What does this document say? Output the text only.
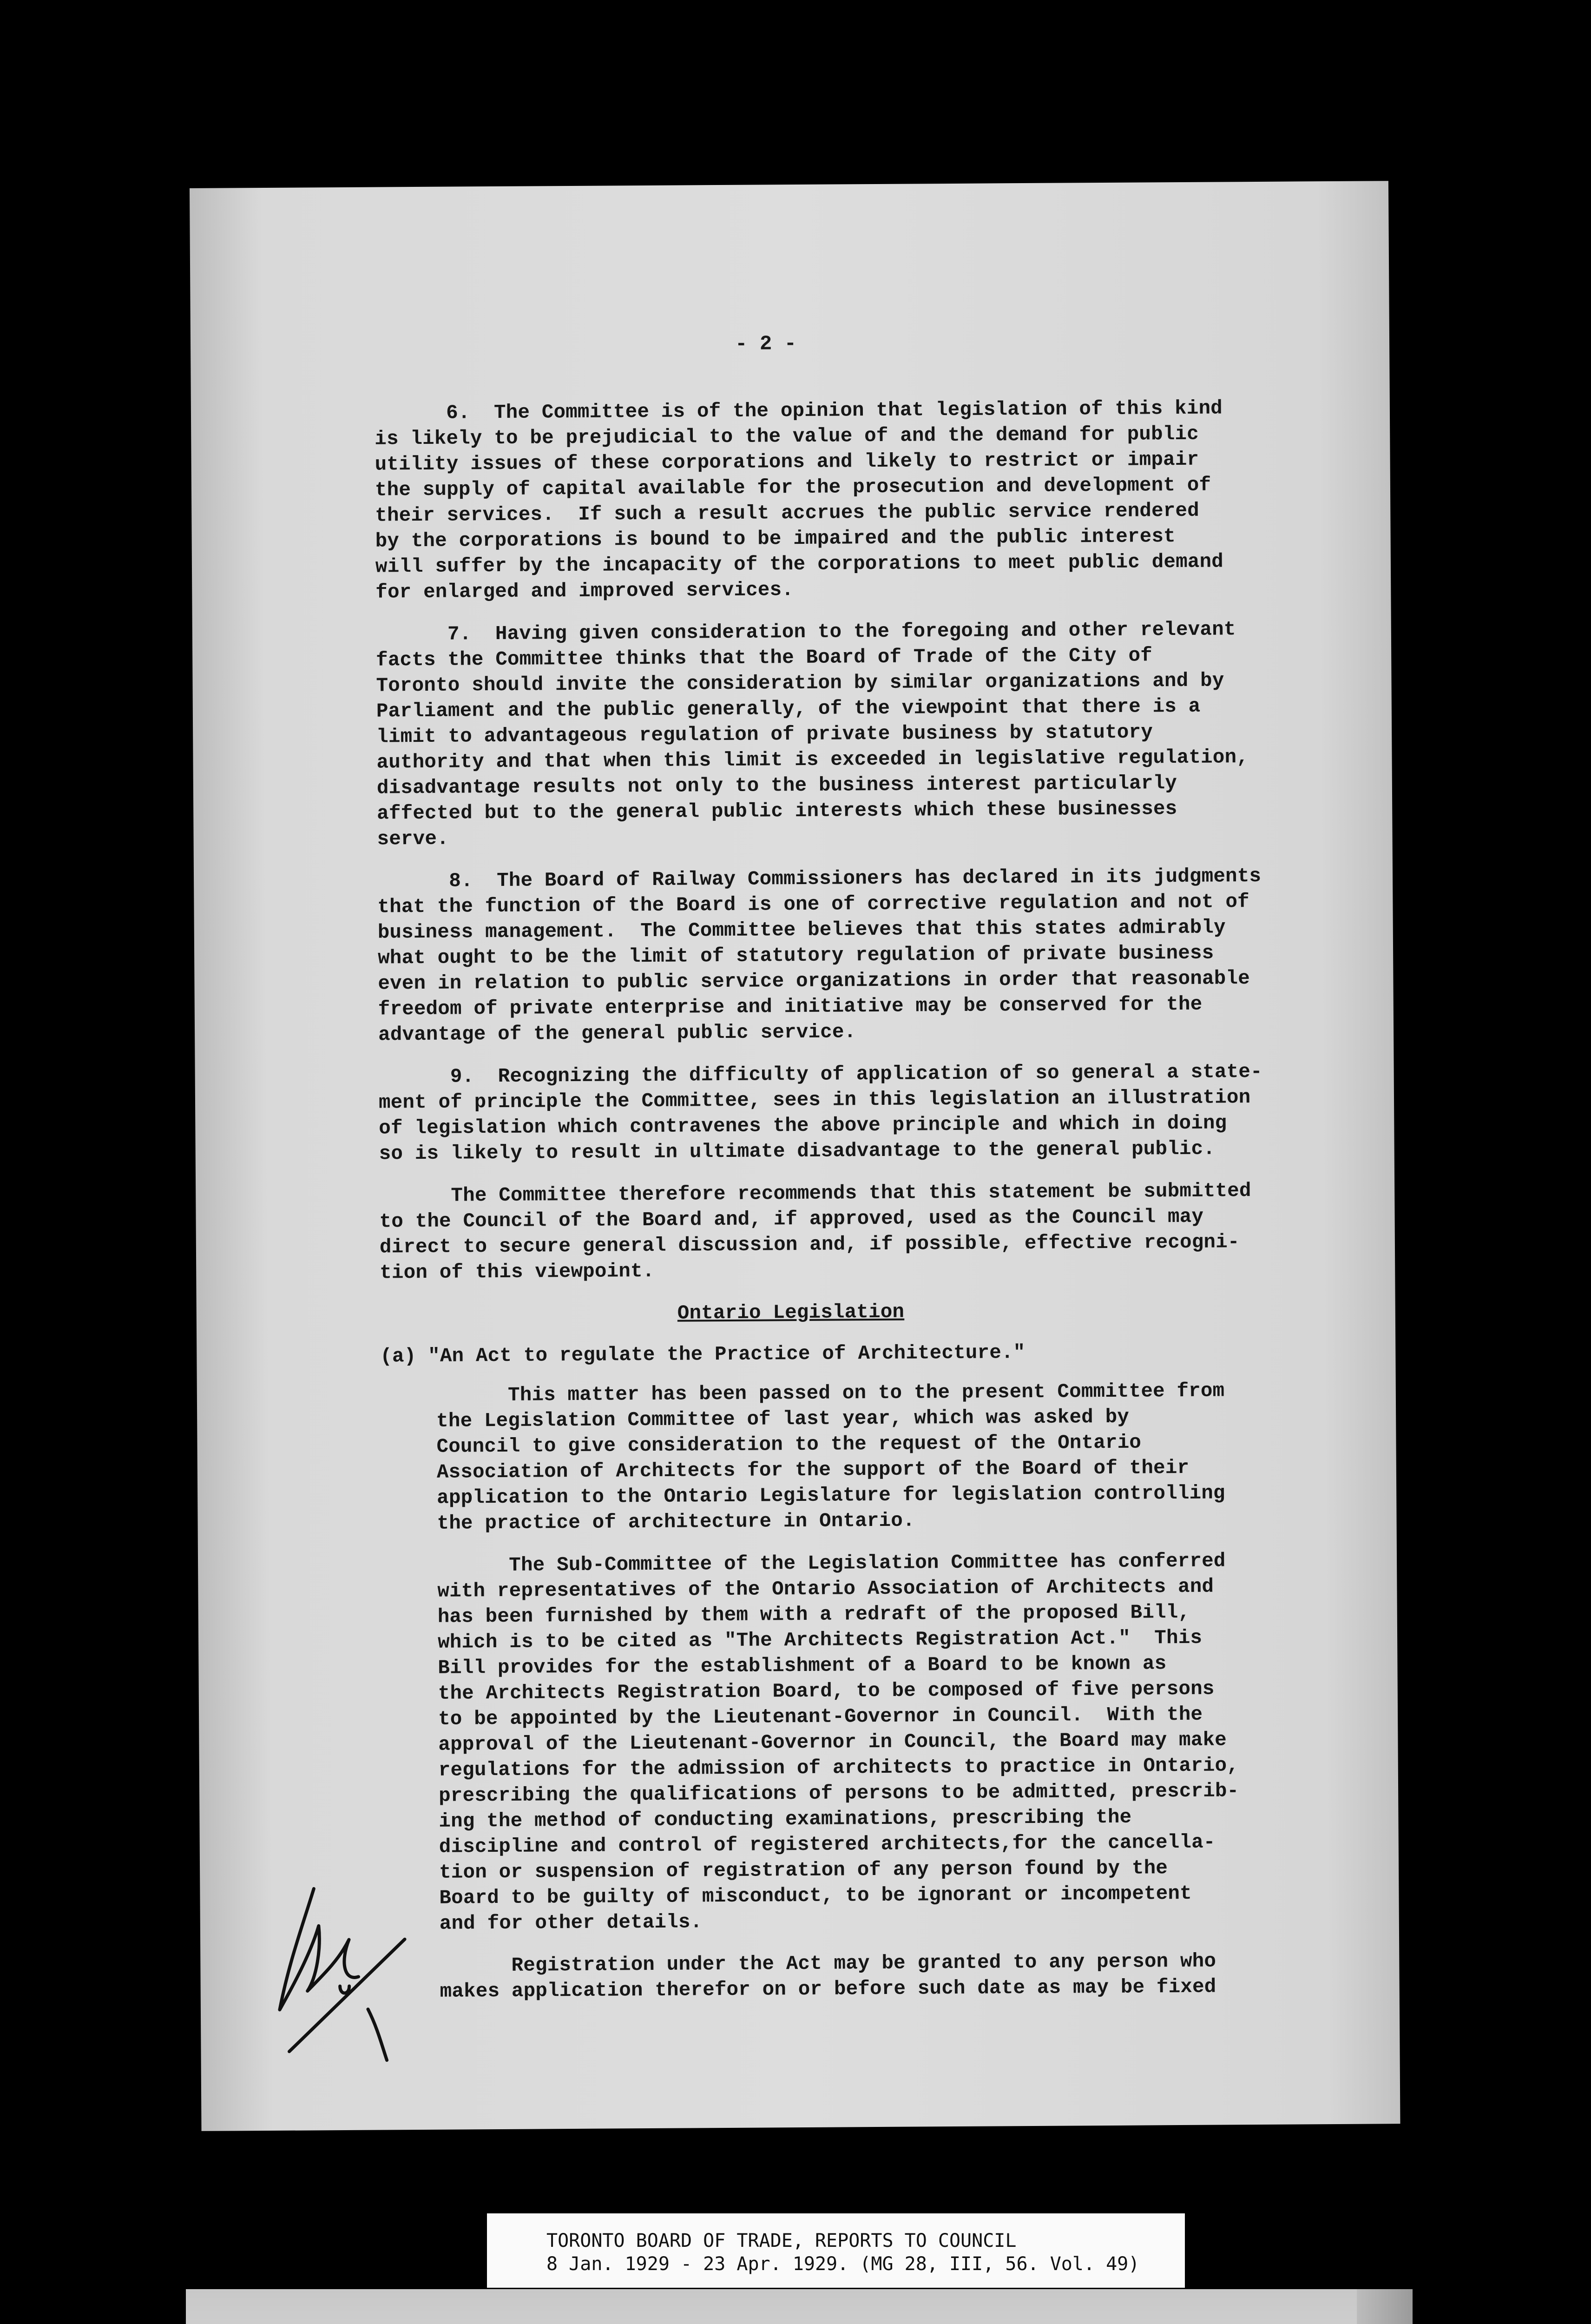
- 2 -
6.  The Committee is of the opinion that legislation of this kind
is likely to be prejudicial to the value of and the demand for public
utility issues of these corporations and likely to restrict or impair
the supply of capital available for the prosecution and development of
their services.  If such a result accrues the public service rendered
by the corporations is bound to be impaired and the public interest
will suffer by the incapacity of the corporations to meet public demand
for enlarged and improved services.
7.  Having given consideration to the foregoing and other relevant
facts the Committee thinks that the Board of Trade of the City of
Toronto should invite the consideration by similar organizations and by
Parliament and the public generally, of the viewpoint that there is a
limit to advantageous regulation of private business by statutory
authority and that when this limit is exceeded in legislative regulation,
disadvantage results not only to the business interest particularly
affected but to the general public interests which these businesses
serve.
8.  The Board of Railway Commissioners has declared in its judgments
that the function of the Board is one of corrective regulation and not of
business management.  The Committee believes that this states admirably
what ought to be the limit of statutory regulation of private business
even in relation to public service organizations in order that reasonable
freedom of private enterprise and initiative may be conserved for the
advantage of the general public service.
9.  Recognizing the difficulty of application of so general a state-
ment of principle the Committee, sees in this legislation an illustration
of legislation which contravenes the above principle and which in doing
so is likely to result in ultimate disadvantage to the general public.
The Committee therefore recommends that this statement be submitted
to the Council of the Board and, if approved, used as the Council may
direct to secure general discussion and, if possible, effective recogni-
tion of this viewpoint.
Ontario Legislation
(a) "An Act to regulate the Practice of Architecture."
This matter has been passed on to the present Committee from
the Legislation Committee of last year, which was asked by
Council to give consideration to the request of the Ontario
Association of Architects for the support of the Board of their
application to the Ontario Legislature for legislation controlling
the practice of architecture in Ontario.
The Sub-Committee of the Legislation Committee has conferred
with representatives of the Ontario Association of Architects and
has been furnished by them with a redraft of the proposed Bill,
which is to be cited as "The Architects Registration Act."  This
Bill provides for the establishment of a Board to be known as
the Architects Registration Board, to be composed of five persons
to be appointed by the Lieutenant-Governor in Council.  With the
approval of the Lieutenant-Governor in Council, the Board may make
regulations for the admission of architects to practice in Ontario,
prescribing the qualifications of persons to be admitted, prescrib-
ing the method of conducting examinations, prescribing the
discipline and control of registered architects,for the cancella-
tion or suspension of registration of any person found by the
Board to be guilty of misconduct, to be ignorant or incompetent
and for other details.
Registration under the Act may be granted to any person who
makes application therefor on or before such date as may be fixed
TORONTO BOARD OF TRADE, REPORTS TO COUNCIL
8 Jan. 1929 - 23 Apr. 1929. (MG 28, III, 56. Vol. 49)
